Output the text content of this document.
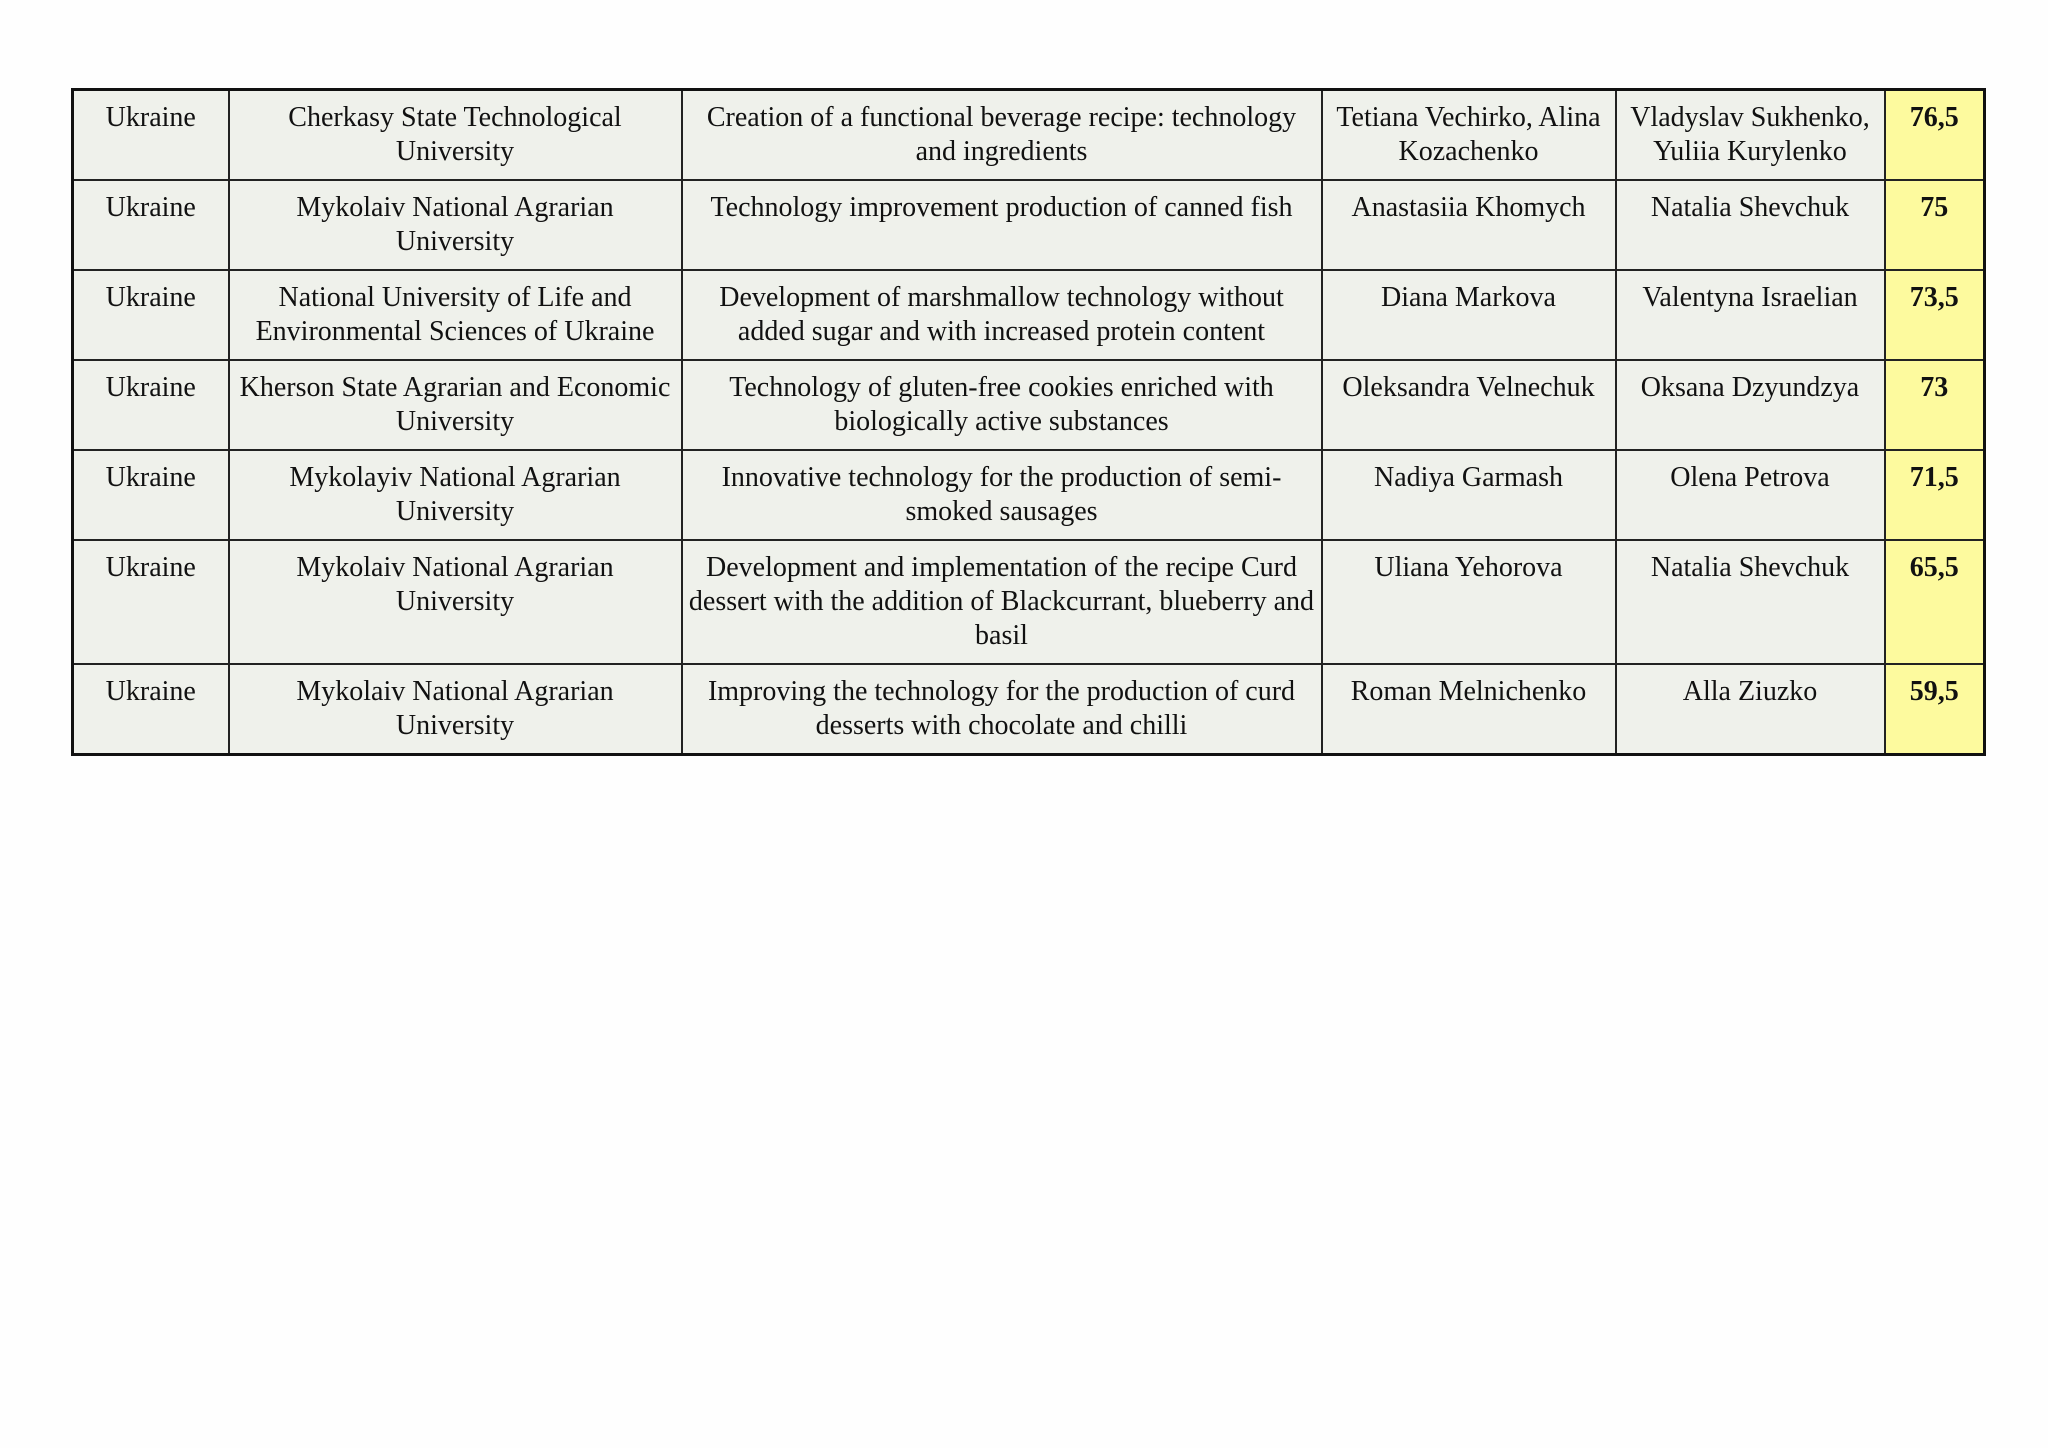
Ukraine	Cherkasy State Technological University	Creation of a functional beverage recipe: technology and ingredients	Tetiana Vechirko, Alina Kozachenko	Vladyslav Sukhenko, Yuliia Kurylenko	76,5
Ukraine	Mykolaiv National Agrarian University	Technology improvement production of canned fish	Anastasiia Khomych	Natalia Shevchuk	75
Ukraine	National University of Life and Environmental Sciences of Ukraine	Development of marshmallow technology without added sugar and with increased protein content	Diana Markova	Valentyna Israelian	73,5
Ukraine	Kherson State Agrarian and Economic University	Technology of gluten-free cookies enriched with biologically active substances	Oleksandra Velnechuk	Oksana Dzyundzya	73
Ukraine	Mykolayiv National Agrarian University	Innovative technology for the production of semi-smoked sausages	Nadiya Garmash	Olena Petrova	71,5
Ukraine	Mykolaiv National Agrarian University	Development and implementation of the recipe Curd dessert with the addition of Blackcurrant, blueberry and basil	Uliana Yehorova	Natalia Shevchuk	65,5
Ukraine	Mykolaiv National Agrarian University	Improving the technology for the production of curd desserts with chocolate and chilli	Roman Melnichenko	Alla Ziuzko	59,5
